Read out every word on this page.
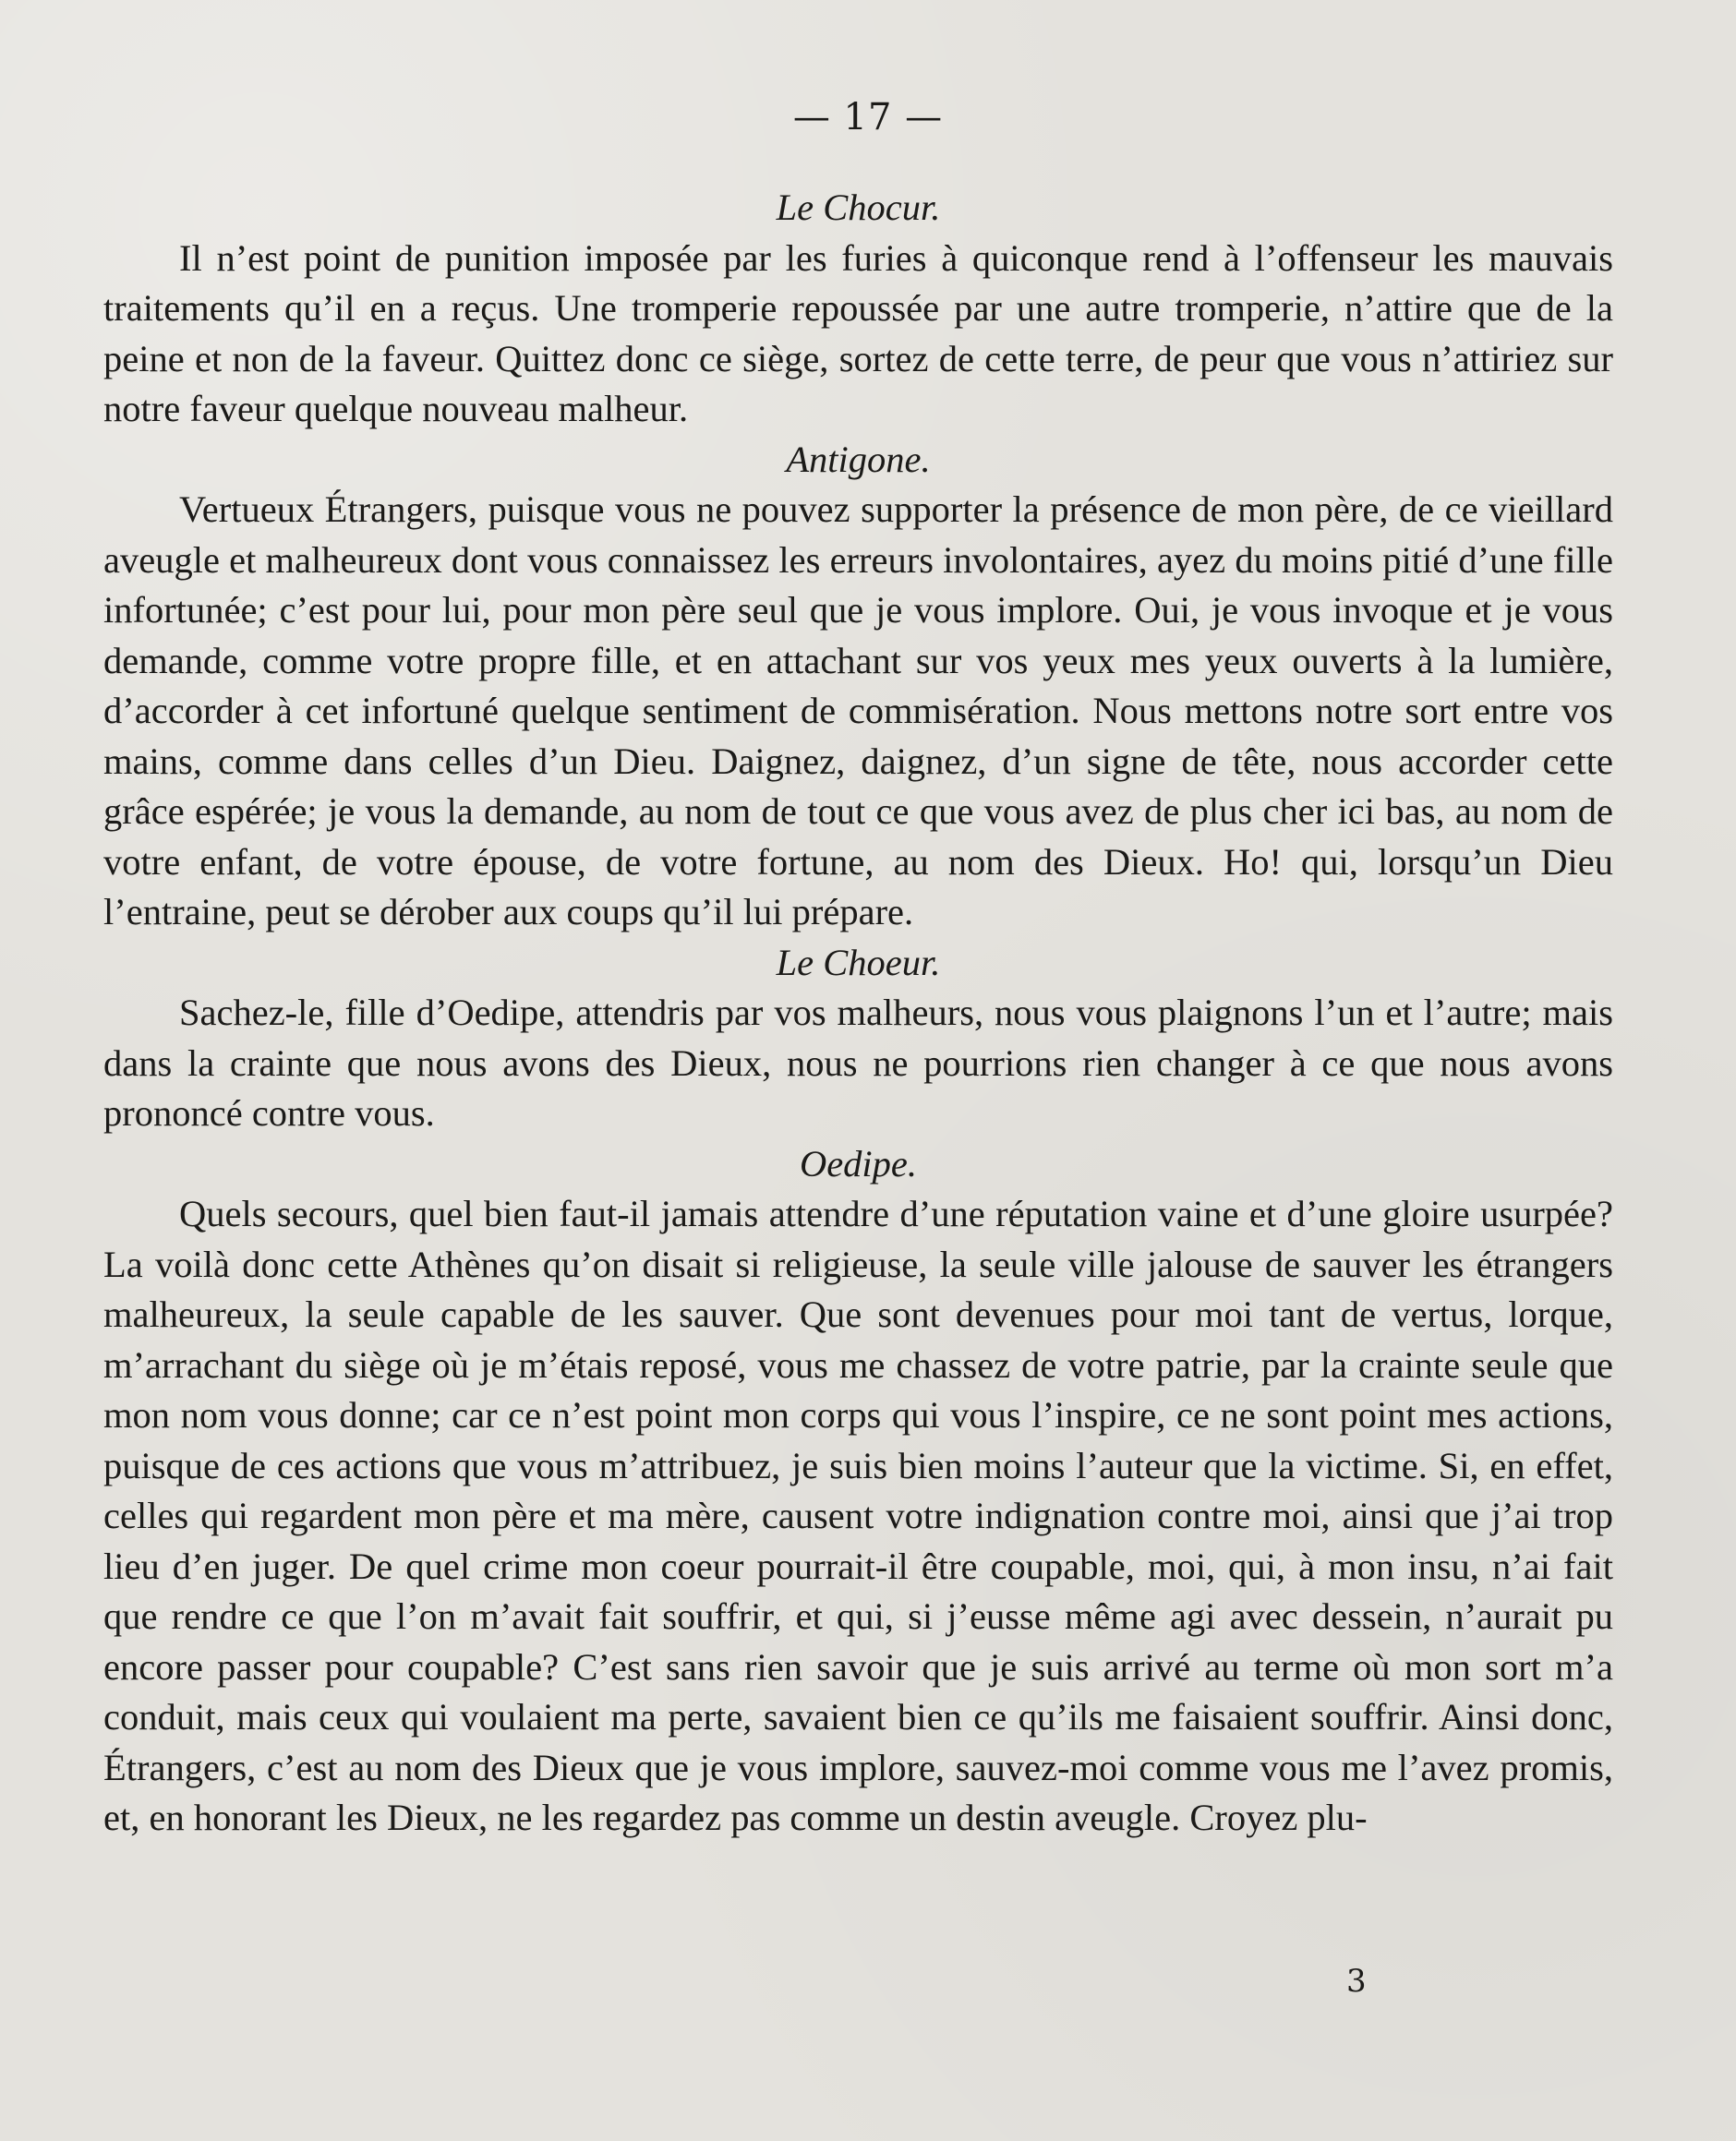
— 17 —

Le Chocur.

Il n’est point de punition imposée par les furies à quiconque rend à l’offenseur les mauvais traitements qu’il en a reçus. Une tromperie repoussée par une autre tromperie, n’attire que de la peine et non de la faveur. Quittez donc ce siège, sortez de cette terre, de peur que vous n’attiriez sur notre faveur quelque nouveau malheur.

Antigone.

Vertueux Étrangers, puisque vous ne pouvez supporter la présence de mon père, de ce vieillard aveugle et malheureux dont vous connaissez les erreurs involontaires, ayez du moins pitié d’une fille infortunée; c’est pour lui, pour mon père seul que je vous implore. Oui, je vous invoque et je vous demande, comme votre propre fille, et en attachant sur vos yeux mes yeux ouverts à la lumière, d’accorder à cet infortuné quelque sentiment de commisération. Nous mettons notre sort entre vos mains, comme dans celles d’un Dieu. Daignez, daignez, d’un signe de tête, nous accorder cette grâce espérée; je vous la demande, au nom de tout ce que vous avez de plus cher ici bas, au nom de votre enfant, de votre épouse, de votre fortune, au nom des Dieux. Ho! qui, lorsqu’un Dieu l’entraine, peut se dérober aux coups qu’il lui prépare.

Le Choeur.

Sachez-le, fille d’Oedipe, attendris par vos malheurs, nous vous plaignons l’un et l’autre; mais dans la crainte que nous avons des Dieux, nous ne pourrions rien changer à ce que nous avons prononcé contre vous.

Oedipe.

Quels secours, quel bien faut-il jamais attendre d’une réputation vaine et d’une gloire usurpée? La voilà donc cette Athènes qu’on disait si religieuse, la seule ville jalouse de sauver les étrangers malheureux, la seule capable de les sauver. Que sont devenues pour moi tant de vertus, lorque, m’arrachant du siège où je m’étais reposé, vous me chassez de votre patrie, par la crainte seule que mon nom vous donne; car ce n’est point mon corps qui vous l’inspire, ce ne sont point mes actions, puisque de ces actions que vous m’attribuez, je suis bien moins l’auteur que la victime. Si, en effet, celles qui regardent mon père et ma mère, causent votre indignation contre moi, ainsi que j’ai trop lieu d’en juger. De quel crime mon coeur pourrait-il être coupable, moi, qui, à mon insu, n’ai fait que rendre ce que l’on m’avait fait souffrir, et qui, si j’eusse même agi avec dessein, n’aurait pu encore passer pour coupable? C’est sans rien savoir que je suis arrivé au terme où mon sort m’a conduit, mais ceux qui voulaient ma perte, savaient bien ce qu’ils me faisaient souffrir. Ainsi donc, Étrangers, c’est au nom des Dieux que je vous implore, sauvez-moi comme vous me l’avez promis, et, en honorant les Dieux, ne les regardez pas comme un destin aveugle. Croyez plu-

3
